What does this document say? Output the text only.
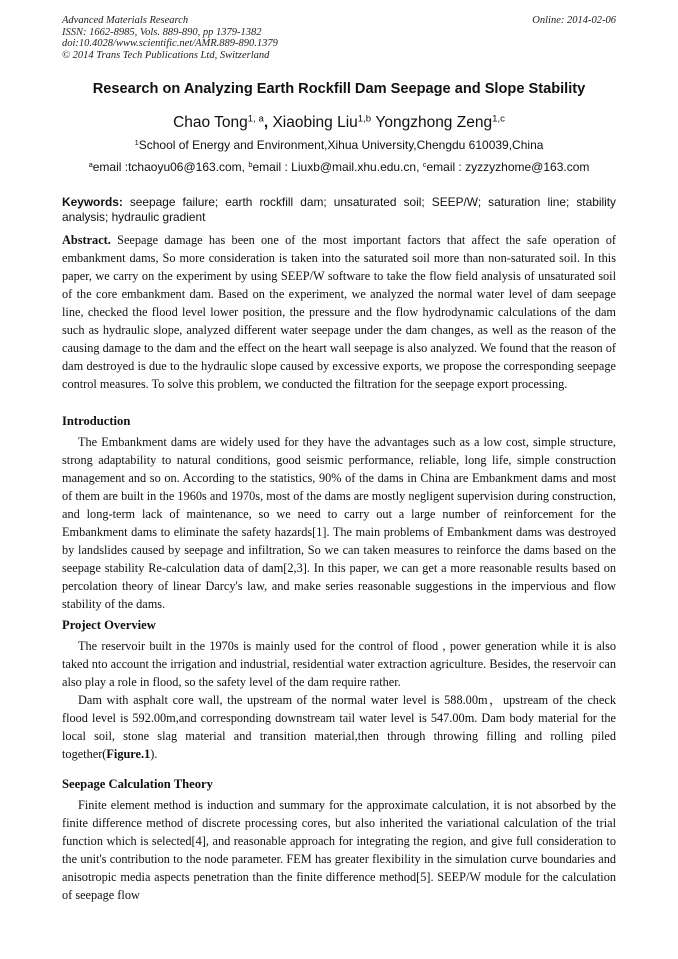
Advanced Materials Research
ISSN: 1662-8985, Vols. 889-890, pp 1379-1382
doi:10.4028/www.scientific.net/AMR.889-890.1379
© 2014 Trans Tech Publications Ltd, Switzerland
Online: 2014-02-06
Research on Analyzing Earth Rockfill Dam Seepage and Slope Stability
Chao Tong$^{1, a}$, Xiaobing Liu$^{1,b}$ Yongzhong Zeng$^{1,c}$
$^1$School of Energy and Environment,Xihua University,Chengdu 610039,China
$^a$email :tchaoyu06@163.com, $^b$email : Liuxb@mail.xhu.edu.cn, $^c$email : zyzzyzhome@163.com
Keywords: seepage failure; earth rockfill dam; unsaturated soil; SEEP/W; saturation line; stability analysis; hydraulic gradient

Abstract. Seepage damage has been one of the most important factors that affect the safe operation of embankment dams, So more consideration is taken into the saturated soil more than non-saturated soil. In this paper, we carry on the experiment by using SEEP/W software to take the flow field analysis of unsaturated soil of the core embankment dam. Based on the experiment, we analyzed the normal water level of dam seepage line, checked the flood level lower position, the pressure and the flow hydrodynamic calculations of the dam such as hydraulic slope, analyzed different water seepage under the dam changes, as well as the reason of the causing damage to the dam and the effect on the heart wall seepage is also analyzed. We found that the reason of dam destroyed is due to the hydraulic slope caused by excessive exports, we propose the corresponding seepage control measures. To solve this problem, we conducted the filtration for the seepage export processing.

Introduction

The Embankment dams are widely used for they have the advantages such as a low cost, simple structure, strong adaptability to natural conditions, good seismic performance, reliable, long life, simple construction management and so on. According to the statistics, 90% of the dams in China are Embankment dams and most of them are built in the 1960s and 1970s, most of the dams are mostly negligent supervision during construction, and long-term lack of maintenance, so we need to carry out a large number of reinforcement for the Embankment dams to eliminate the safety hazards[1]. The main problems of Embankment dams was destroyed by landslides caused by seepage and infiltration, So we can taken measures to reinforce the dams based on the seepage stability Re-calculation data of dam[2,3]. In this paper, we can get a more reasonable results based on percolation theory of linear Darcy's law, and make series reasonable suggestions in the impervious and flow stability of the dams.

Project Overview

The reservoir built in the 1970s is mainly used for the control of flood , power generation while it is also taked nto account the irrigation and industrial, residential water extraction agriculture. Besides, the reservoir can also play a role in flood, so the safety level of the dam require rather.

Dam with asphalt core wall, the upstream of the normal water level is 588.00m，upstream of the check flood level is 592.00m,and corresponding downstream tail water level is 547.00m. Dam body material for the local soil, stone slag material and transition material,then through throwing filling and rolling piled together(Figure.1).

Seepage Calculation Theory

Finite element method is induction and summary for the approximate calculation, it is not absorbed by the finite difference method of discrete processing cores, but also inherited the variational calculation of the trial function which is selected[4], and reasonable approach for integrating the region, and give full consideration to the unit's contribution to the node parameter. FEM has greater flexibility in the simulation curve boundaries and anisotropic media aspects penetration than the finite difference method[5]. SEEP/W module for the calculation of seepage flow
